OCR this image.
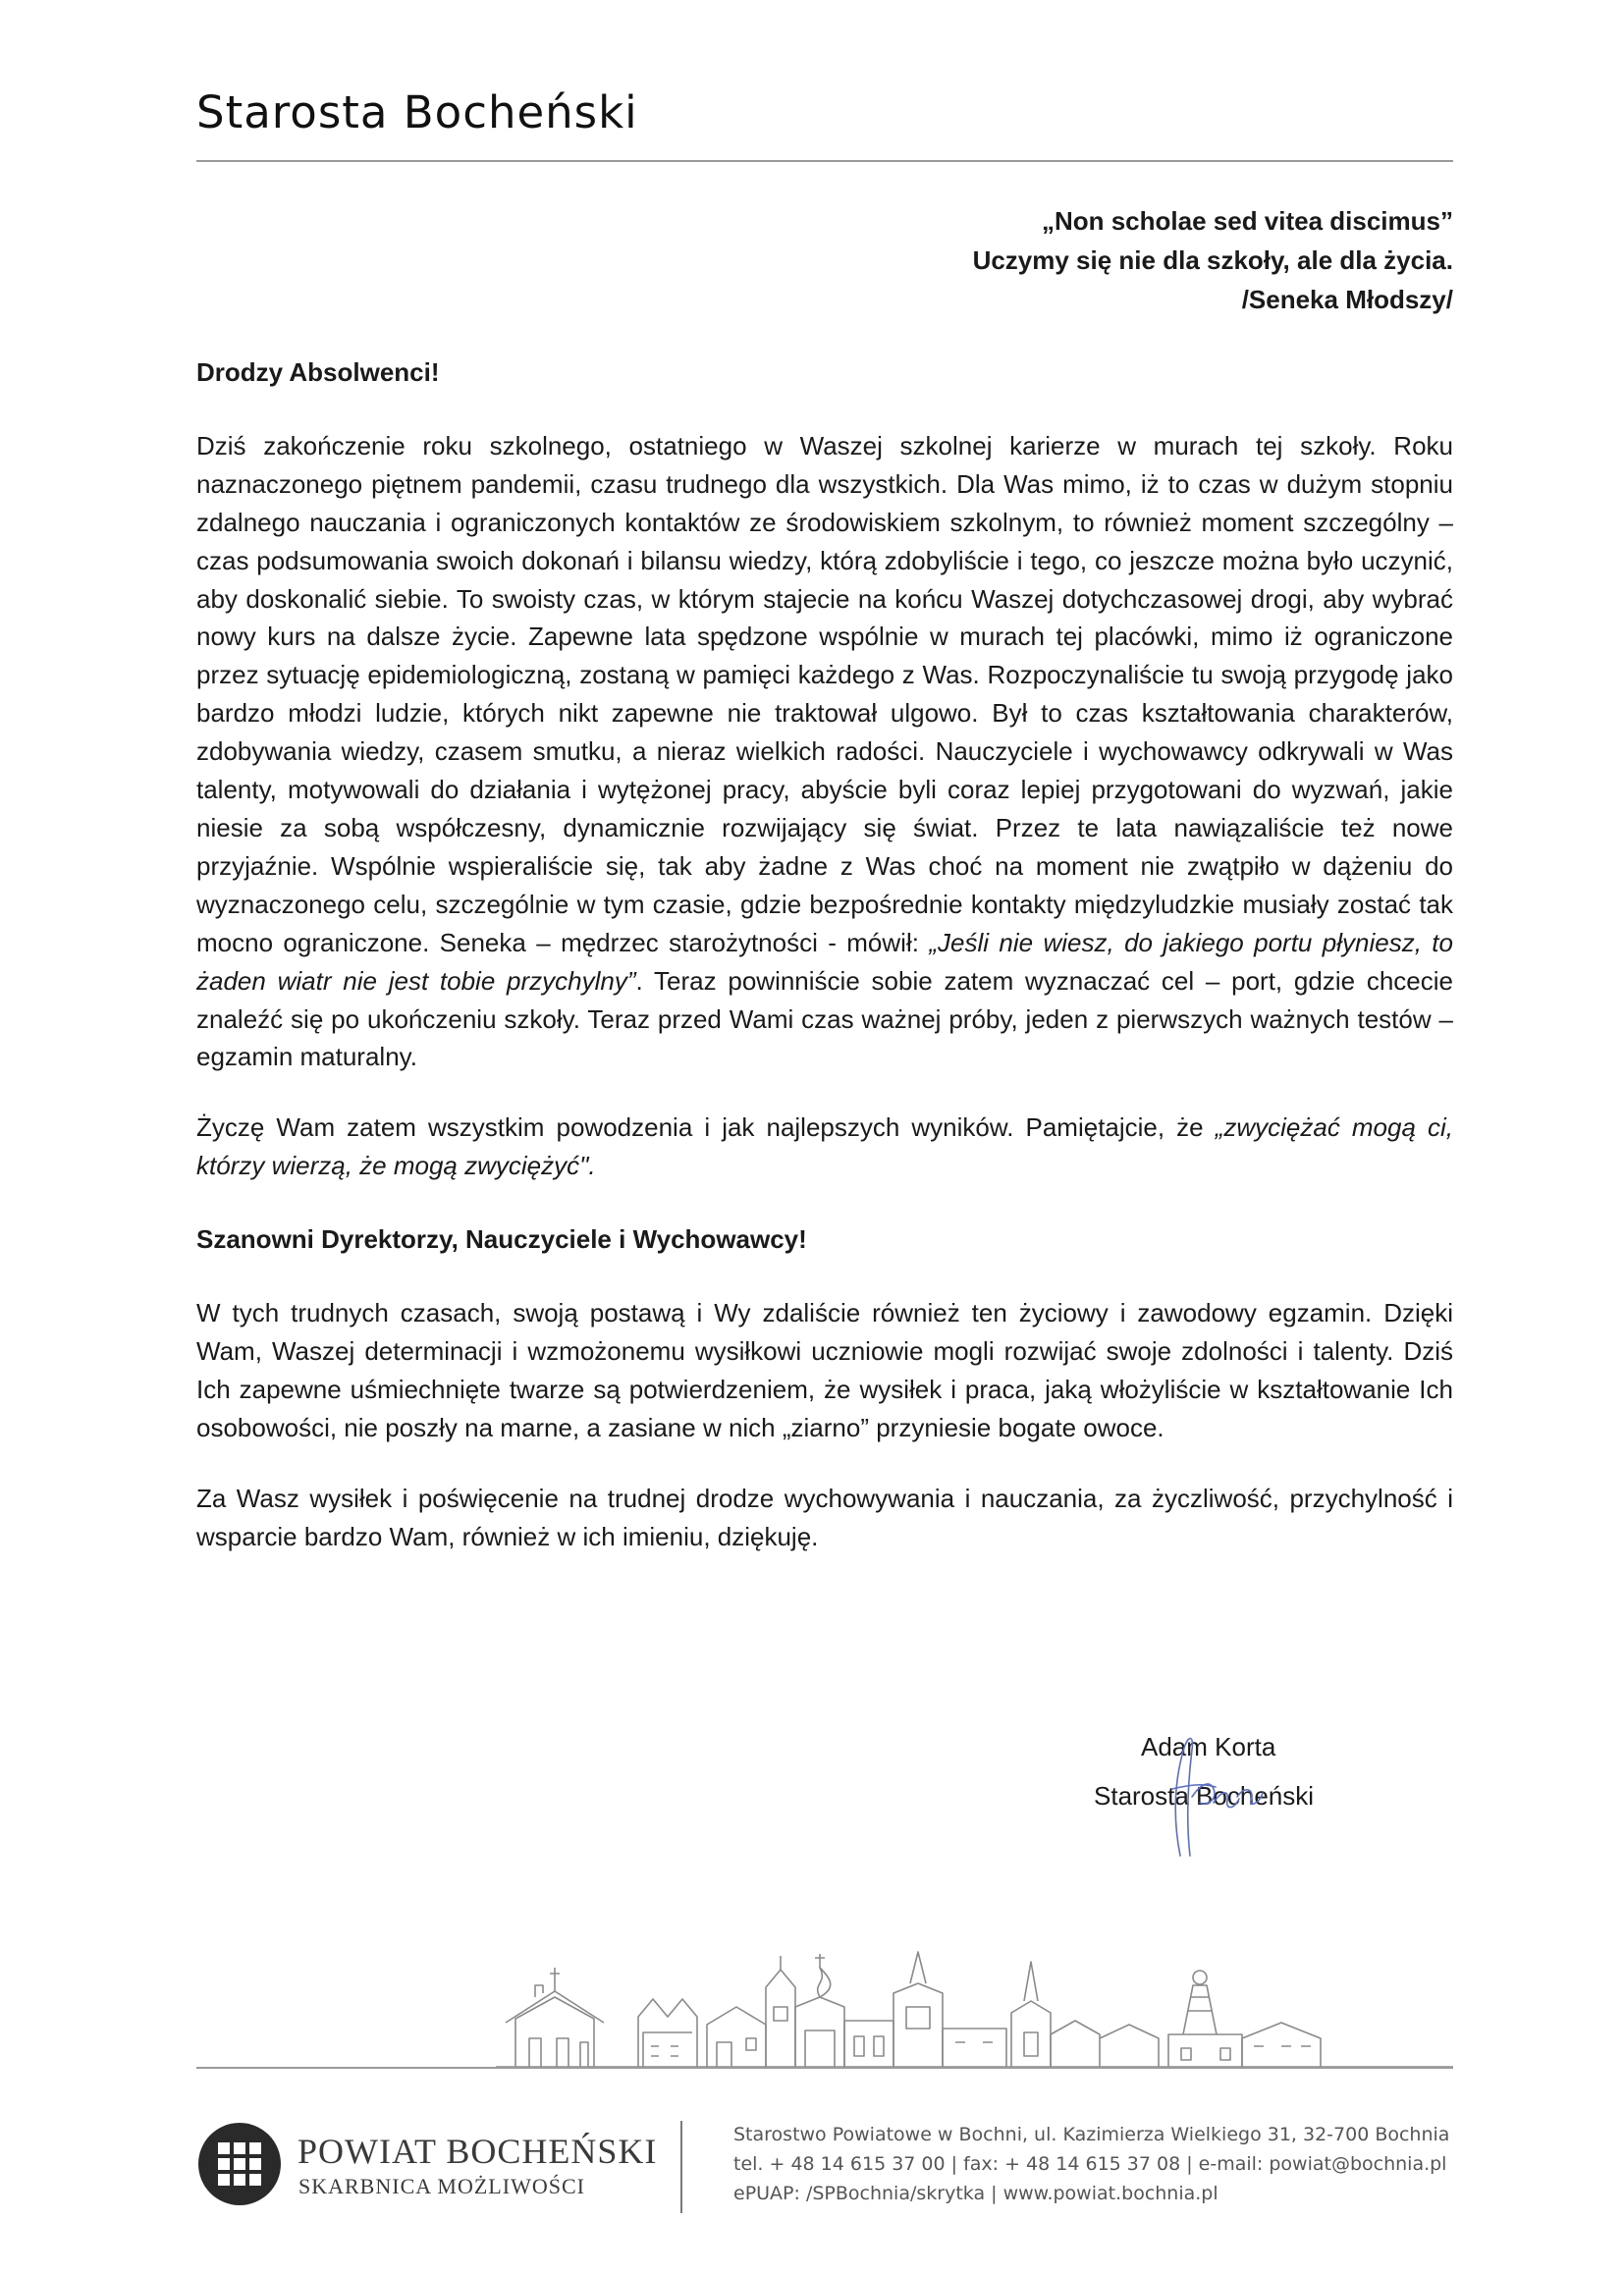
Starosta Bocheński
„Non scholae sed vitea discimus”
Uczymy się nie dla szkoły, ale dla życia.
/Seneka Młodszy/
Drodzy Absolwenci!

Dziś zakończenie roku szkolnego, ostatniego w Waszej szkolnej karierze w murach tej szkoły. Roku naznaczonego piętnem pandemii, czasu trudnego dla wszystkich. Dla Was mimo, iż to czas w dużym stopniu zdalnego nauczania i ograniczonych kontaktów ze środowiskiem szkolnym, to również moment szczególny – czas podsumowania swoich dokonań i bilansu wiedzy, którą zdobyliście i tego, co jeszcze można było uczynić, aby doskonalić siebie. To swoisty czas, w którym stajecie na końcu Waszej dotychczasowej drogi, aby wybrać nowy kurs na dalsze życie. Zapewne lata spędzone wspólnie w murach tej placówki, mimo iż ograniczone przez sytuację epidemiologiczną, zostaną w pamięci każdego z Was. Rozpoczynaliście tu swoją przygodę jako bardzo młodzi ludzie, których nikt zapewne nie traktował ulgowo. Był to czas kształtowania charakterów, zdobywania wiedzy, czasem smutku, a nieraz wielkich radości. Nauczyciele i wychowawcy odkrywali w Was talenty, motywowali do działania i wytężonej pracy, abyście byli coraz lepiej przygotowani do wyzwań, jakie niesie za sobą współczesny, dynamicznie rozwijający się świat. Przez te lata nawiązaliście też nowe przyjaźnie. Wspólnie wspieraliście się, tak aby żadne z Was choć na moment nie zwątpiło w dążeniu do wyznaczonego celu, szczególnie w tym czasie, gdzie bezpośrednie kontakty międzyludzkie musiały zostać tak mocno ograniczone. Seneka – mędrzec starożytności - mówił: „Jeśli nie wiesz, do jakiego portu płyniesz, to żaden wiatr nie jest tobie przychylny”. Teraz powinniście sobie zatem wyznaczać cel – port, gdzie chcecie znaleźć się po ukończeniu szkoły. Teraz przed Wami czas ważnej próby, jeden z pierwszych ważnych testów – egzamin maturalny.

Życzę Wam zatem wszystkim powodzenia i jak najlepszych wyników. Pamiętajcie, że „zwyciężać mogą ci, którzy wierzą, że mogą zwyciężyć".

Szanowni Dyrektorzy, Nauczyciele i Wychowawcy!

W tych trudnych czasach, swoją postawą i Wy zdaliście również ten życiowy i zawodowy egzamin. Dzięki Wam, Waszej determinacji i wzmożonemu wysiłkowi uczniowie mogli rozwijać swoje zdolności i talenty. Dziś Ich zapewne uśmiechnięte twarze są potwierdzeniem, że wysiłek i praca, jaką włożyliście w kształtowanie Ich osobowości, nie poszły na marne, a zasiane w nich „ziarno” przyniesie bogate owoce.

Za Wasz wysiłek i poświęcenie na trudnej drodze wychowywania i nauczania, za życzliwość, przychylność i wsparcie bardzo Wam, również w ich imieniu, dziękuję.

Adam Korta
Starosta Bocheński
POWIAT BOCHEŃSKI
SKARBNICA MOŻLIWOŚCI
Starostwo Powiatowe w Bochni, ul. Kazimierza Wielkiego 31, 32-700 Bochnia
tel. + 48 14 615 37 00 | fax: + 48 14 615 37 08 | e-mail: powiat@bochnia.pl
ePUAP: /SPBochnia/skrytka | www.powiat.bochnia.pl
